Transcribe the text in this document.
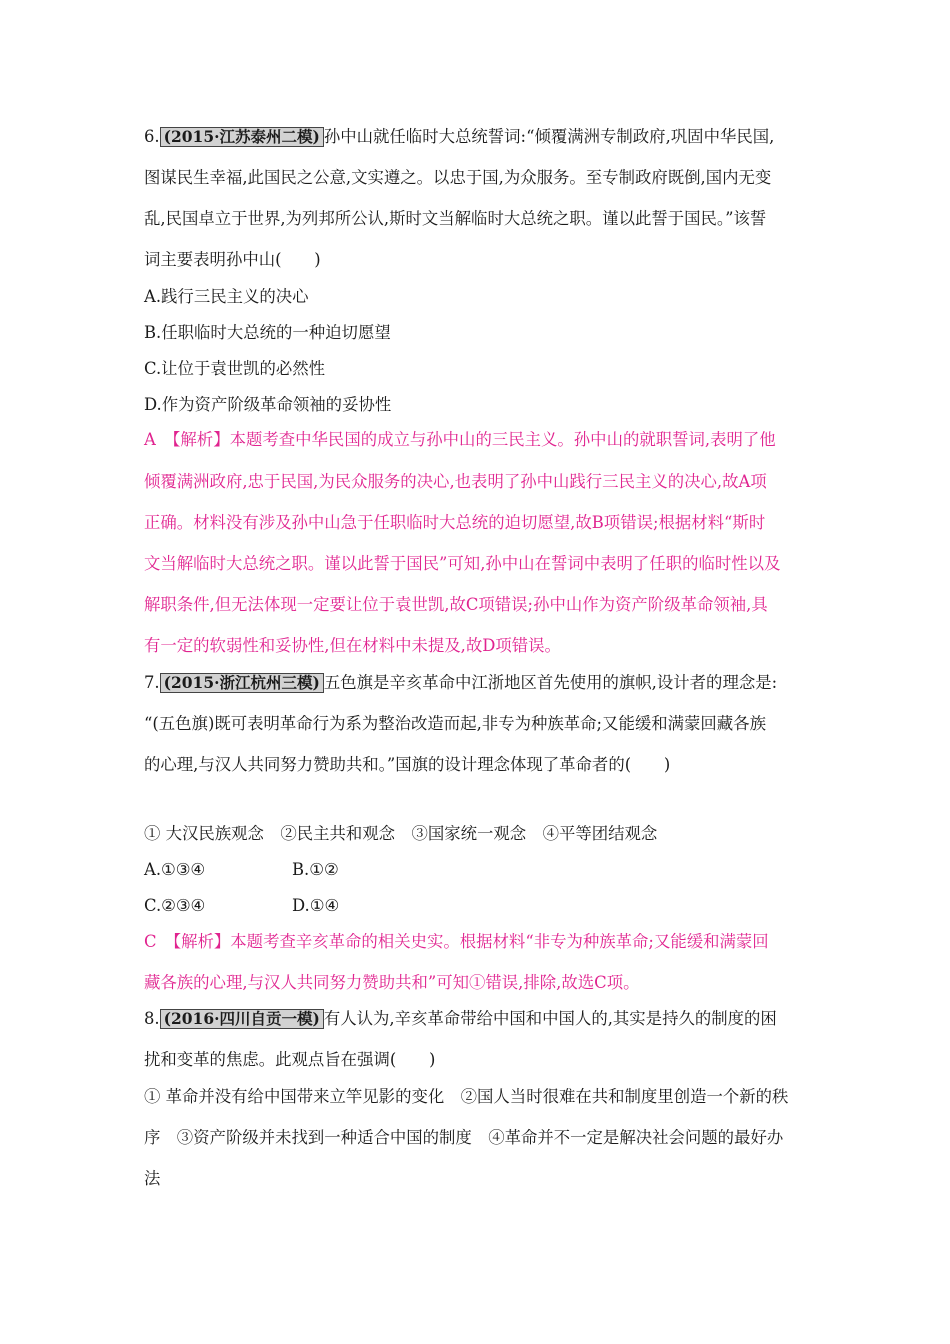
6. (2015·江苏泰州二模) 孙中山就任临时大总统誓词:“倾覆满洲专制政府,巩固中华民国,
图谋民生幸福,此国民之公意,文实遵之。以忠于国,为众服务。至专制政府既倒,国内无变
乱,民国卓立于世界,为列邦所公认,斯时文当解临时大总统之职。谨以此誓于国民。”该誓
词主要表明孙中山(　　)
A.践行三民主义的决心
B.任职临时大总统的一种迫切愿望
C.让位于袁世凯的必然性
D.作为资产阶级革命领袖的妥协性
A　【解析】本题考查中华民国的成立与孙中山的三民主义。孙中山的就职誓词,表明了他
倾覆满洲政府,忠于民国,为民众服务的决心,也表明了孙中山践行三民主义的决心,故A项
正确。材料没有涉及孙中山急于任职临时大总统的迫切愿望,故B项错误;根据材料“斯时
文当解临时大总统之职。谨以此誓于国民”可知,孙中山在誓词中表明了任职的临时性以及
解职条件,但无法体现一定要让位于袁世凯,故C项错误;孙中山作为资产阶级革命领袖,具
有一定的软弱性和妥协性,但在材料中未提及,故D项错误。
7. (2015·浙江杭州三模) 五色旗是辛亥革命中江浙地区首先使用的旗帜,设计者的理念是:
“(五色旗)既可表明革命行为系为整治改造而起,非专为种族革命;又能缓和满蒙回藏各族
的心理,与汉人共同努力赞助共和。”国旗的设计理念体现了革命者的(　　)
① 大汉民族观念　②民主共和观念　③国家统一观念　④平等团结观念
A.①③④	B.①②
C.②③④	D.①④
C　【解析】本题考查辛亥革命的相关史实。根据材料“非专为种族革命;又能缓和满蒙回
藏各族的心理,与汉人共同努力赞助共和”可知①错误,排除,故选C项。
8. (2016·四川自贡一模) 有人认为,辛亥革命带给中国和中国人的,其实是持久的制度的困
扰和变革的焦虑。此观点旨在强调(　　)
① 革命并没有给中国带来立竿见影的变化　②国人当时很难在共和制度里创造一个新的秩
序　③资产阶级并未找到一种适合中国的制度　④革命并不一定是解决社会问题的最好办
法
